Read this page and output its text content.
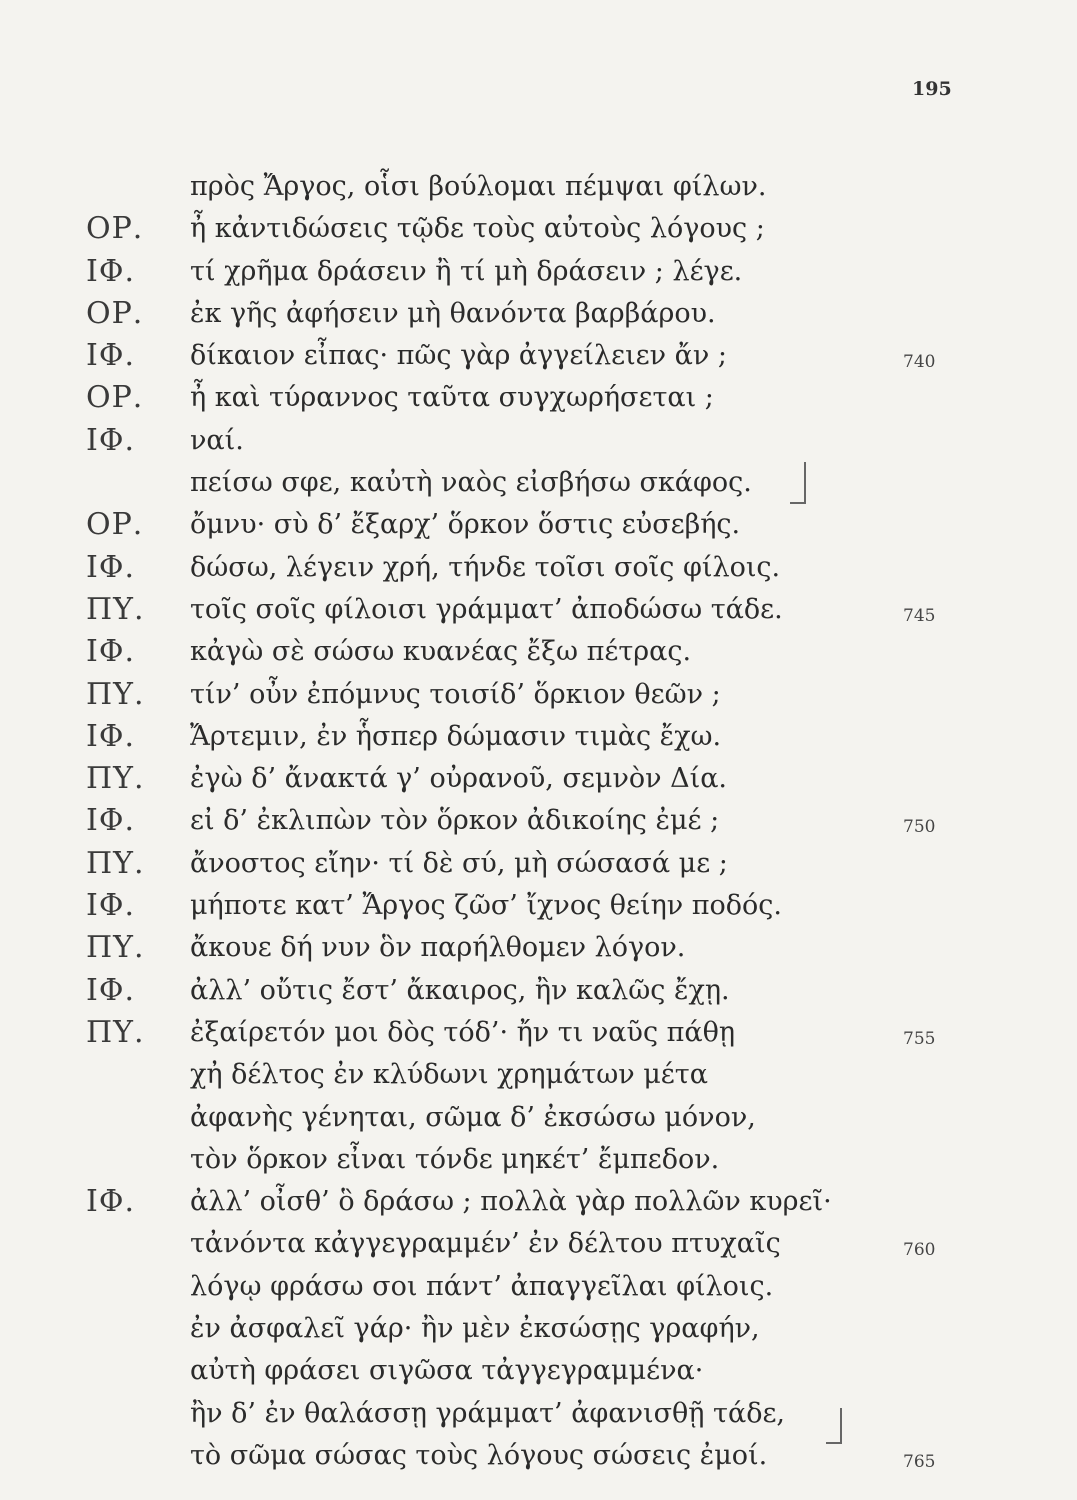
195
πρὸς Ἄργος, οἷσι βούλομαι πέμψαι φίλων.
ΟΡ. ἦ κἀντιδώσεις τῷδε τοὺς αὐτοὺς λόγους ;
ΙΦ. τί χρῆμα δράσειν ἢ τί μὴ δράσειν ; λέγε.
ΟΡ. ἐκ γῆς ἀφήσειν μὴ θανόντα βαρβάρου.
ΙΦ. δίκαιον εἶπας· πῶς γὰρ ἀγγείλειεν ἄν ;	740
ΟΡ. ἦ καὶ τύραννος ταῦτα συγχωρήσεται ;
ΙΦ. ναί.
πείσω σφε, καὐτὴ ναὸς εἰσβήσω σκάφος.
ΟΡ. ὄμνυ· σὺ δ’ ἔξαρχ’ ὅρκον ὅστις εὐσεβής.
ΙΦ. δώσω, λέγειν χρή, τήνδε τοῖσι σοῖς φίλοις.
ΠΥ. τοῖς σοῖς φίλοισι γράμματ’ ἀποδώσω τάδε.	745
ΙΦ. κἀγὼ σὲ σώσω κυανέας ἔξω πέτρας.
ΠΥ. τίν’ οὖν ἐπόμνυς τοισίδ’ ὅρκιον θεῶν ;
ΙΦ. Ἄρτεμιν, ἐν ἧσπερ δώμασιν τιμὰς ἔχω.
ΠΥ. ἐγὼ δ’ ἄνακτά γ’ οὐρανοῦ, σεμνὸν Δία.
ΙΦ. εἰ δ’ ἐκλιπὼν τὸν ὅρκον ἀδικοίης ἐμέ ;	750
ΠΥ. ἄνοστος εἴην· τί δὲ σύ, μὴ σώσασά με ;
ΙΦ. μήποτε κατ’ Ἄργος ζῶσ’ ἴχνος θείην ποδός.
ΠΥ. ἄκουε δή νυν ὃν παρήλθομεν λόγον.
ΙΦ. ἀλλ’ οὔτις ἔστ’ ἄκαιρος, ἢν καλῶς ἔχῃ.
ΠΥ. ἐξαίρετόν μοι δὸς τόδ’· ἤν τι ναῦς πάθῃ	755
χἠ δέλτος ἐν κλύδωνι χρημάτων μέτα
ἀφανὴς γένηται, σῶμα δ’ ἐκσώσω μόνον,
τὸν ὅρκον εἶναι τόνδε μηκέτ’ ἔμπεδον.
ΙΦ. ἀλλ’ οἶσθ’ ὃ δράσω ; πολλὰ γὰρ πολλῶν κυρεῖ·
τἀνόντα κἀγγεγραμμέν’ ἐν δέλτου πτυχαῖς	760
λόγῳ φράσω σοι πάντ’ ἀπαγγεῖλαι φίλοις.
ἐν ἀσφαλεῖ γάρ· ἢν μὲν ἐκσώσῃς γραφήν,
αὐτὴ φράσει σιγῶσα τἀγγεγραμμένα·
ἢν δ’ ἐν θαλάσσῃ γράμματ’ ἀφανισθῇ τάδε,
τὸ σῶμα σώσας τοὺς λόγους σώσεις ἐμοί.	765
